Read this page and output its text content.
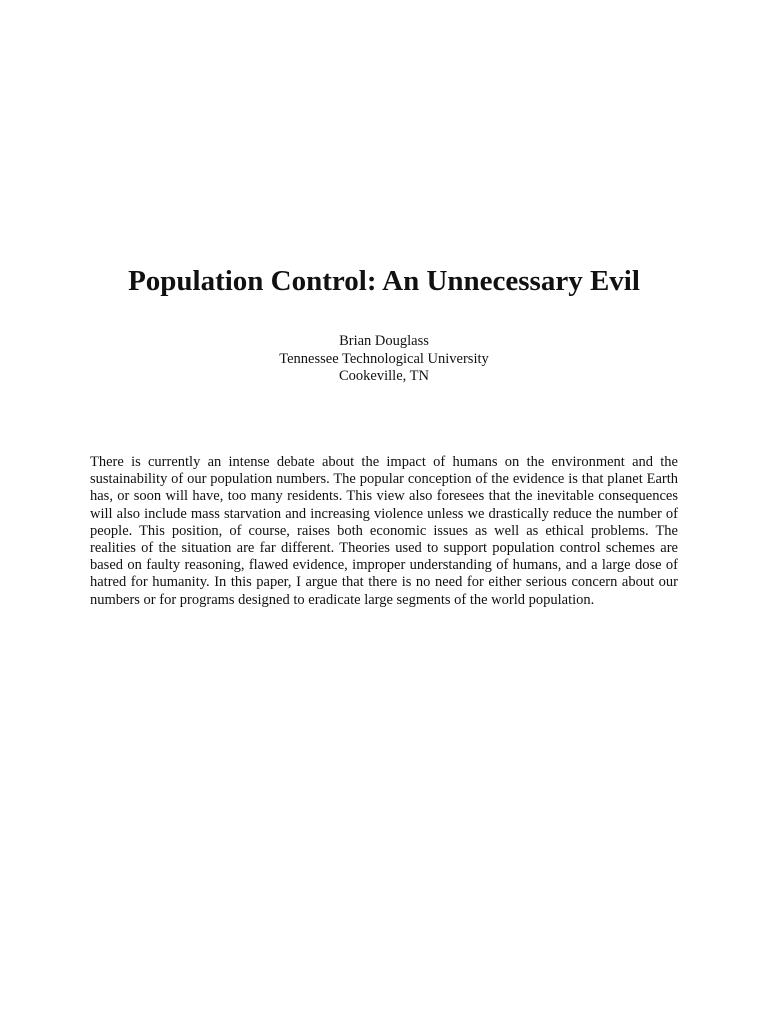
Population Control: An Unnecessary Evil
Brian Douglass
Tennessee Technological University
Cookeville, TN

There is currently an intense debate about the impact of humans on the environment and the sustainability of our population numbers. The popular conception of the evidence is that planet Earth has, or soon will have, too many residents. This view also foresees that the inevitable consequences will also include mass starvation and increasing violence unless we drastically reduce the number of people. This position, of course, raises both economic issues as well as ethical problems. The realities of the situation are far different. Theories used to support population control schemes are based on faulty reasoning, flawed evidence, improper understanding of humans, and a large dose of hatred for humanity. In this paper, I argue that there is no need for either serious concern about our numbers or for programs designed to eradicate large segments of the world population.
